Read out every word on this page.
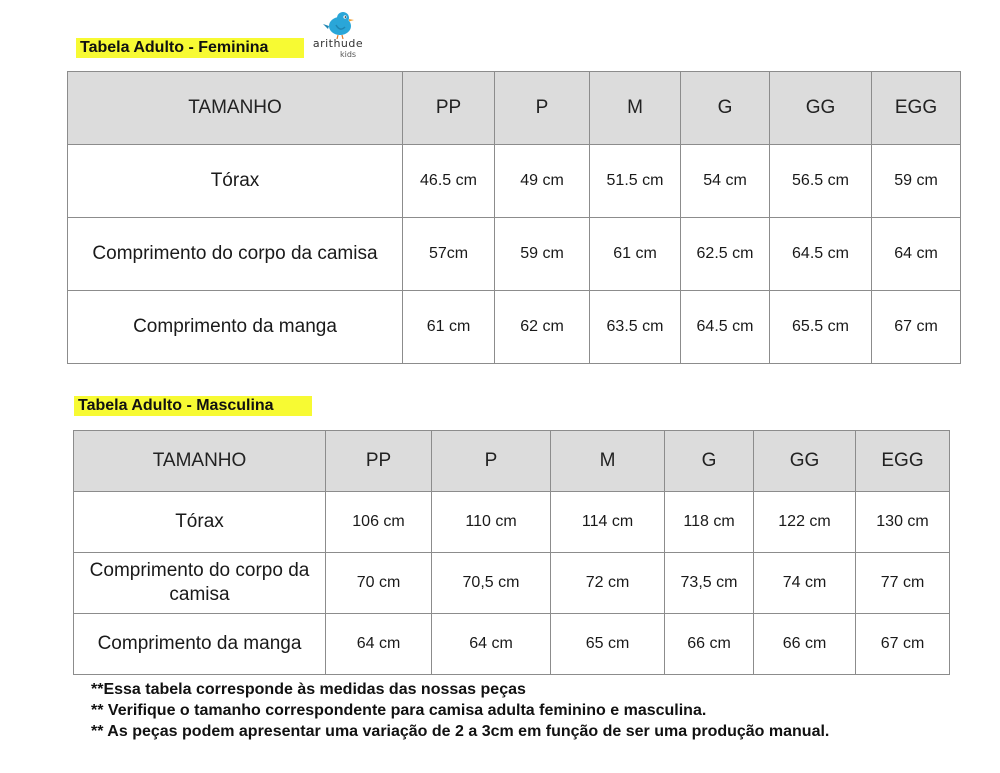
Tabela Adulto - Feminina	arithude
kids
TAMANHO	PP	P	M	G	GG	EGG
Tórax	46.5 cm	49 cm	51.5 cm	54 cm	56.5 cm	59 cm
Comprimento do corpo da camisa	57cm	59 cm	61 cm	62.5 cm	64.5 cm	64 cm
Comprimento da manga	61 cm	62 cm	63.5 cm	64.5 cm	65.5 cm	67 cm
Tabela Adulto - Masculina
TAMANHO	PP	P	M	G	GG	EGG
Tórax	106 cm	110 cm	114 cm	118 cm	122 cm	130 cm
Comprimento do corpo da camisa	70 cm	70,5 cm	72 cm	73,5 cm	74 cm	77 cm
Comprimento da manga	64 cm	64 cm	65 cm	66 cm	66 cm	67 cm
**Essa tabela corresponde às medidas das nossas peças
** Verifique o tamanho correspondente para camisa adulta feminino e masculina.
** As peças podem apresentar uma variação de 2 a 3cm em função de ser uma produção manual.
